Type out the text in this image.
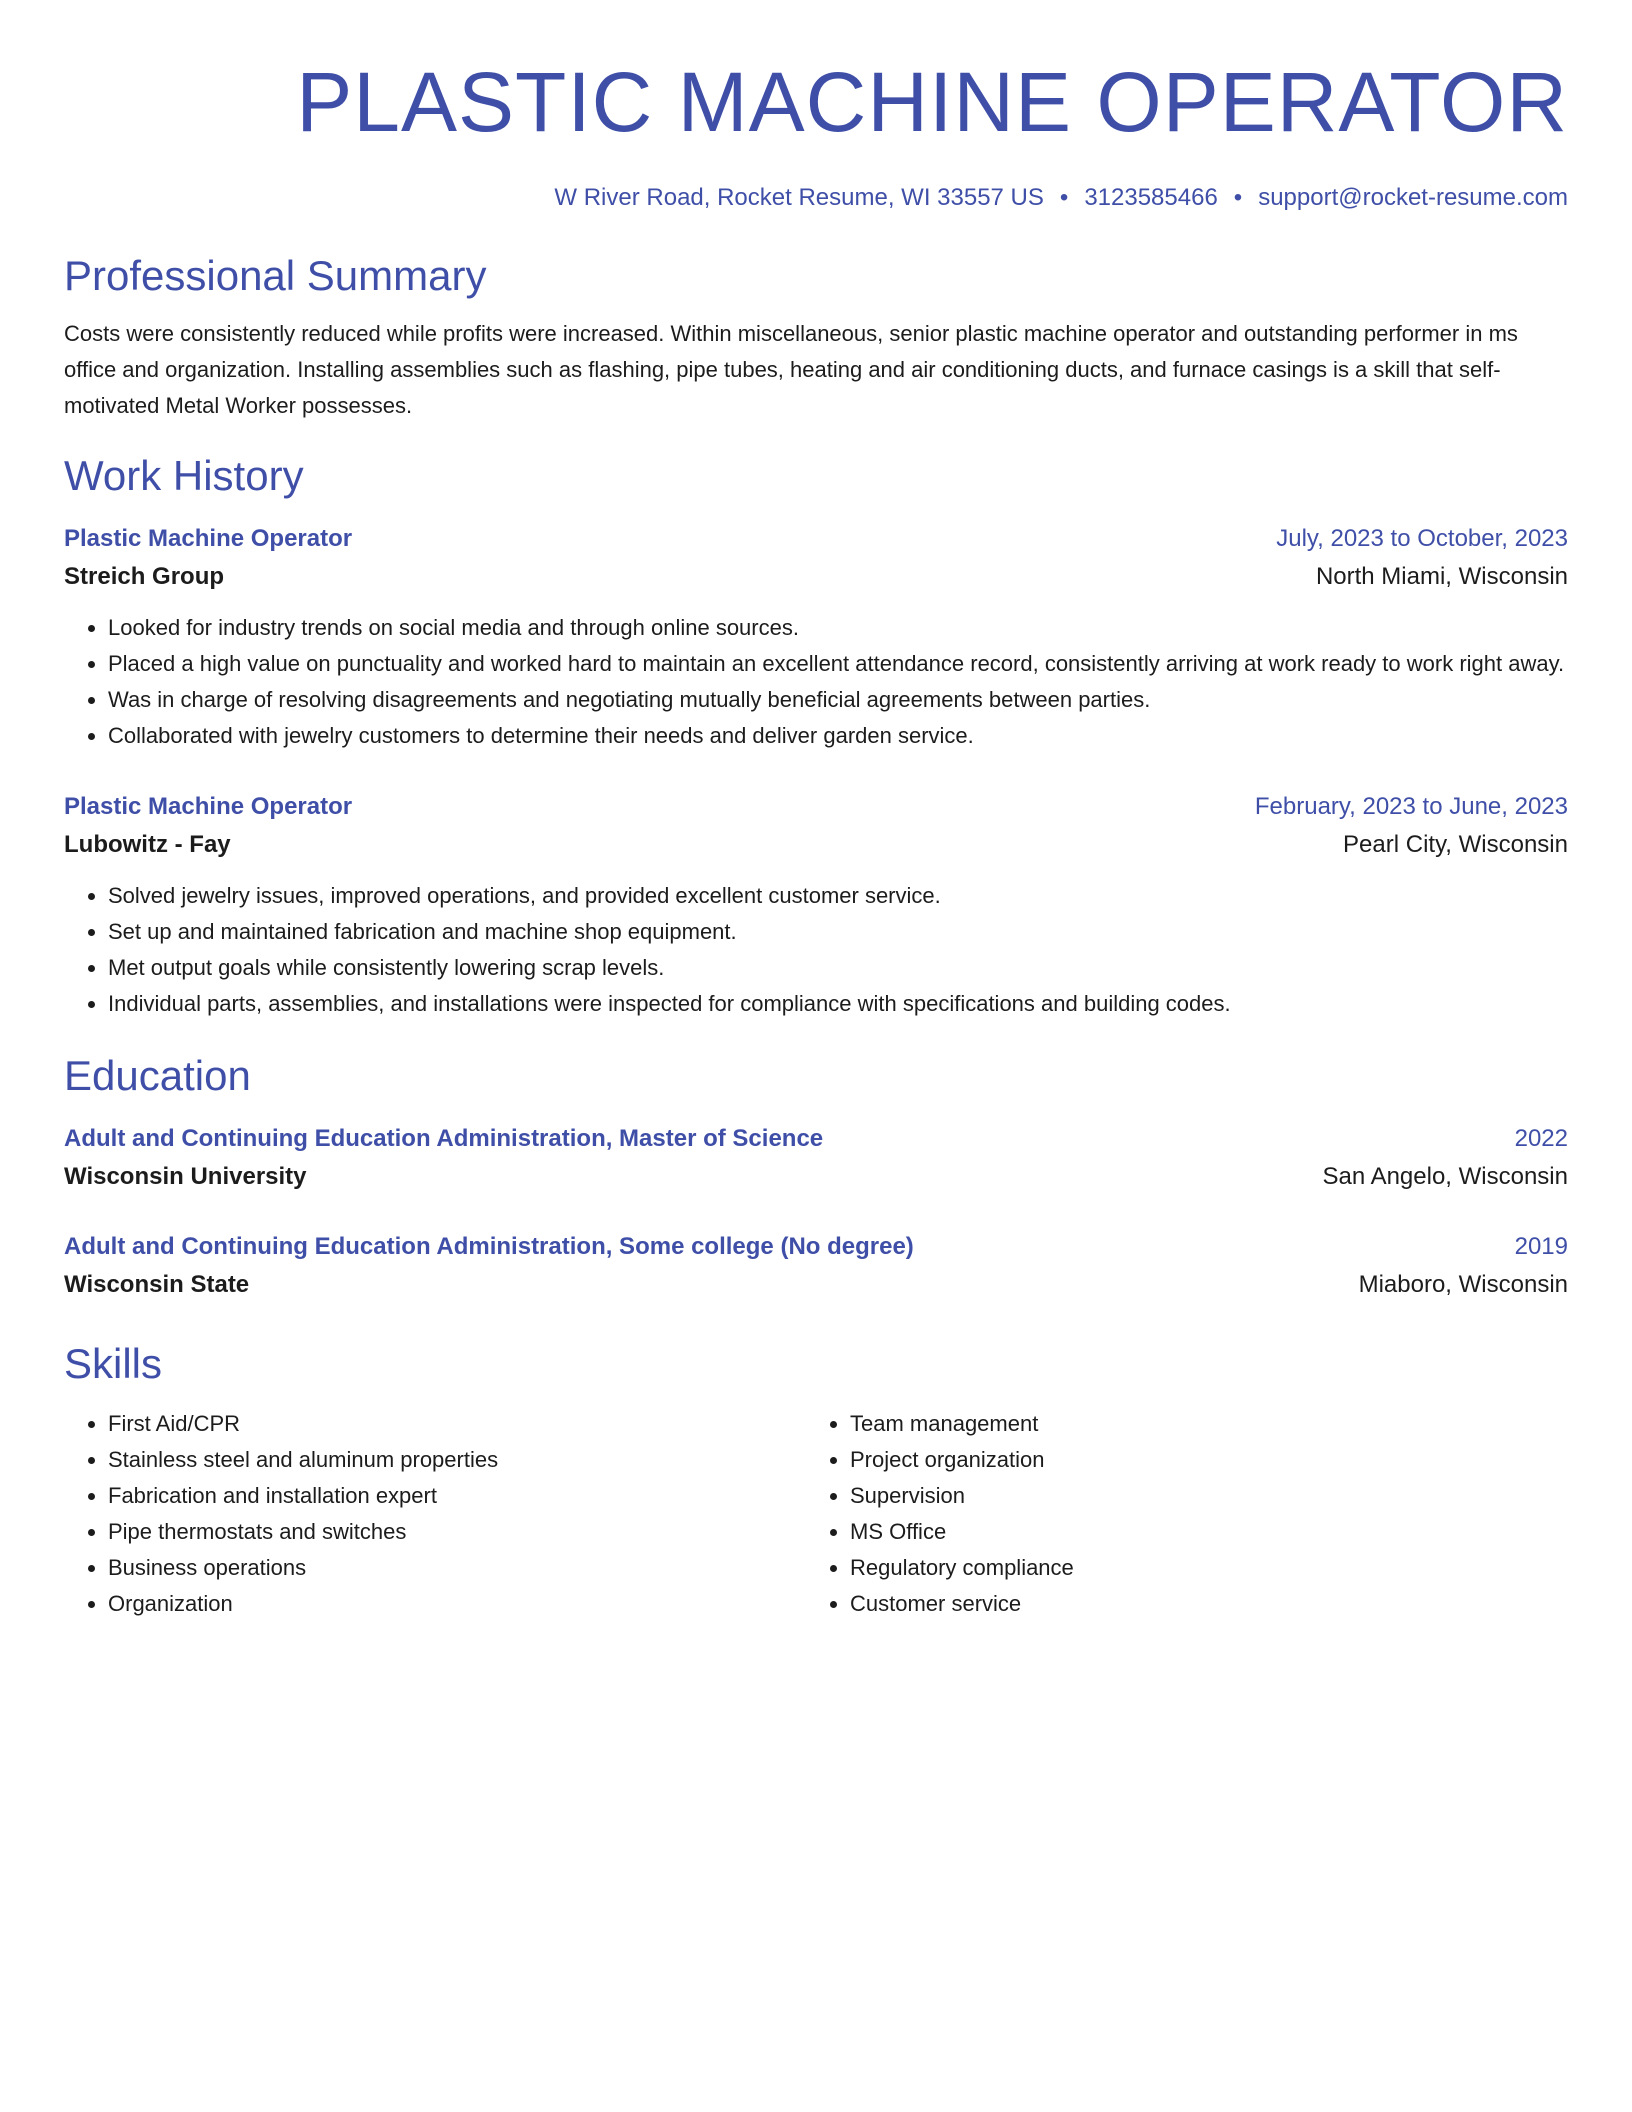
PLASTIC MACHINE OPERATOR
W River Road, Rocket Resume, WI 33557 US • 3123585466 • support@rocket-resume.com
Professional Summary
Costs were consistently reduced while profits were increased. Within miscellaneous, senior plastic machine operator and outstanding performer in ms office and organization. Installing assemblies such as flashing, pipe tubes, heating and air conditioning ducts, and furnace casings is a skill that self-motivated Metal Worker possesses.
Work History
Plastic Machine Operator	July, 2023 to October, 2023
Streich Group	North Miami, Wisconsin
• Looked for industry trends on social media and through online sources.
• Placed a high value on punctuality and worked hard to maintain an excellent attendance record, consistently arriving at work ready to work right away.
• Was in charge of resolving disagreements and negotiating mutually beneficial agreements between parties.
• Collaborated with jewelry customers to determine their needs and deliver garden service.
Plastic Machine Operator	February, 2023 to June, 2023
Lubowitz - Fay	Pearl City, Wisconsin
• Solved jewelry issues, improved operations, and provided excellent customer service.
• Set up and maintained fabrication and machine shop equipment.
• Met output goals while consistently lowering scrap levels.
• Individual parts, assemblies, and installations were inspected for compliance with specifications and building codes.
Education
Adult and Continuing Education Administration, Master of Science	2022
Wisconsin University	San Angelo, Wisconsin
Adult and Continuing Education Administration, Some college (No degree)	2019
Wisconsin State	Miaboro, Wisconsin
Skills
• First Aid/CPR
• Stainless steel and aluminum properties
• Fabrication and installation expert
• Pipe thermostats and switches
• Business operations
• Organization
• Team management
• Project organization
• Supervision
• MS Office
• Regulatory compliance
• Customer service
